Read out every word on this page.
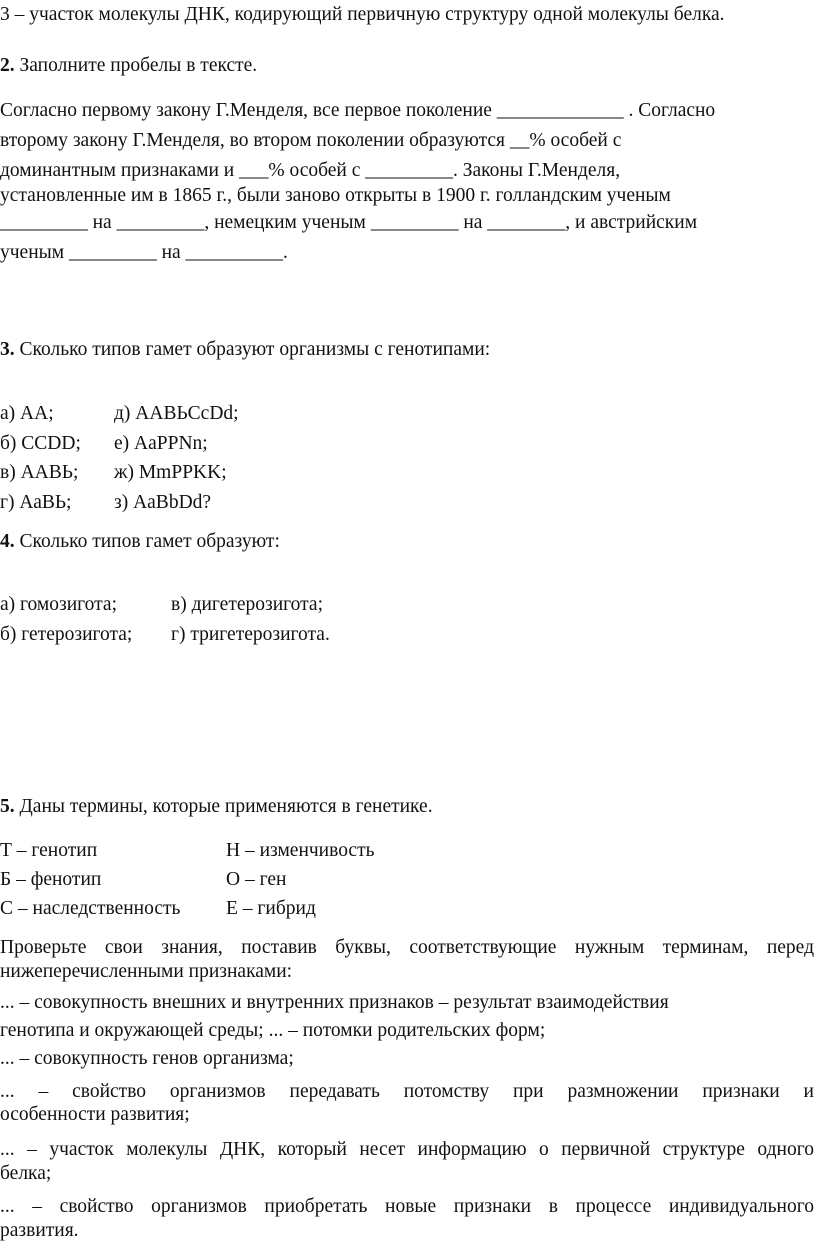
3 – участок молекулы ДНК, кодирующий первичную структуру одной молекулы белка.
2. Заполните пробелы в тексте.
Согласно первому закону Г.Менделя, все первое поколение _____________ . Согласно
второму закону Г.Менделя, во втором поколении образуются __% особей с
доминантным признаками и ___% особей с _________. Законы Г.Менделя,
установленные им в 1865 г., были заново открыты в 1900 г. голландским ученым
_________ на _________, немецким ученым _________ на ________, и австрийским
ученым _________ на __________.
3. Сколько типов гамет образуют организмы с генотипами:
а) АА;
б) CCDD;
в) ААВЬ;
г) АаВЬ;
д) AABЬCcDd;
е) AaPPNn;
ж) MmPPKK;
з) AaBbDd?
4. Сколько типов гамет образуют:
а) гомозигота;
б) гетерозигота;
в) дигетерозигота;
г) тригетерозигота.
5. Даны термины, которые применяются в генетике.
Т – генотип
Б – фенотип
С – наследственность
Н – изменчивость
О – ген
Е – гибрид
Проверьте свои знания, поставив буквы, соответствующие нужным терминам, перед
нижеперечисленными признаками:
... – совокупность внешних и внутренних признаков – результат взаимодействия
генотипа и окружающей среды; ... – потомки родительских форм;
... – совокупность генов организма;
... – свойство организмов передавать потомству при размножении признаки и
особенности развития;
... – участок молекулы ДНК, который несет информацию о первичной структуре одного
белка;
... – свойство организмов приобретать новые признаки в процессе индивидуального
развития.
